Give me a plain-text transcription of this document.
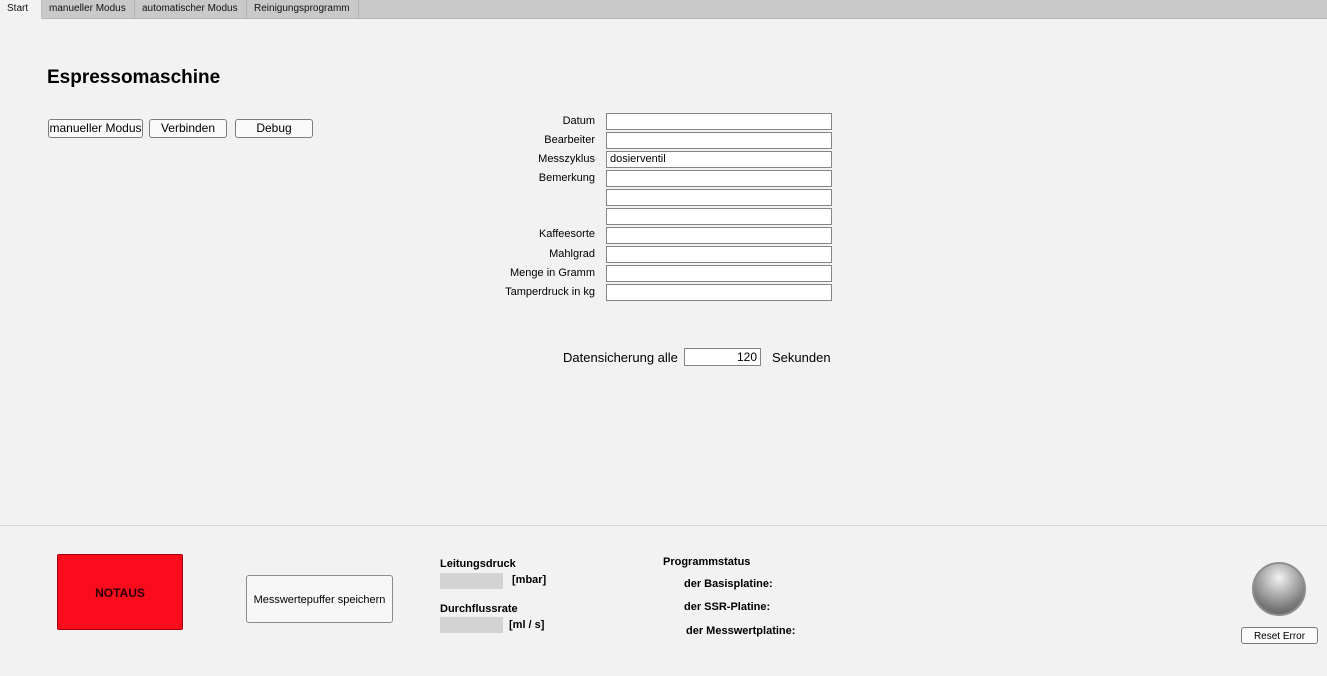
Start	manueller Modus	automatischer Modus	Reinigungsprogramm
Espressomaschine
manueller Modus	Verbinden	Debug	Datum
Bearbeiter
Messzyklus	dosierventil
Bemerkung
Kaffeesorte
Mahlgrad
Menge in Gramm
Tamperdruck in kg
Datensicherung alle	120	Sekunden
NOTAUS	Messwertepuffer speichern
Leitungsdruck
[mbar]
Durchflussrate
[ml / s]
Programmstatus
der Basisplatine:
der SSR-Platine:
der Messwertplatine:	Reset Error
